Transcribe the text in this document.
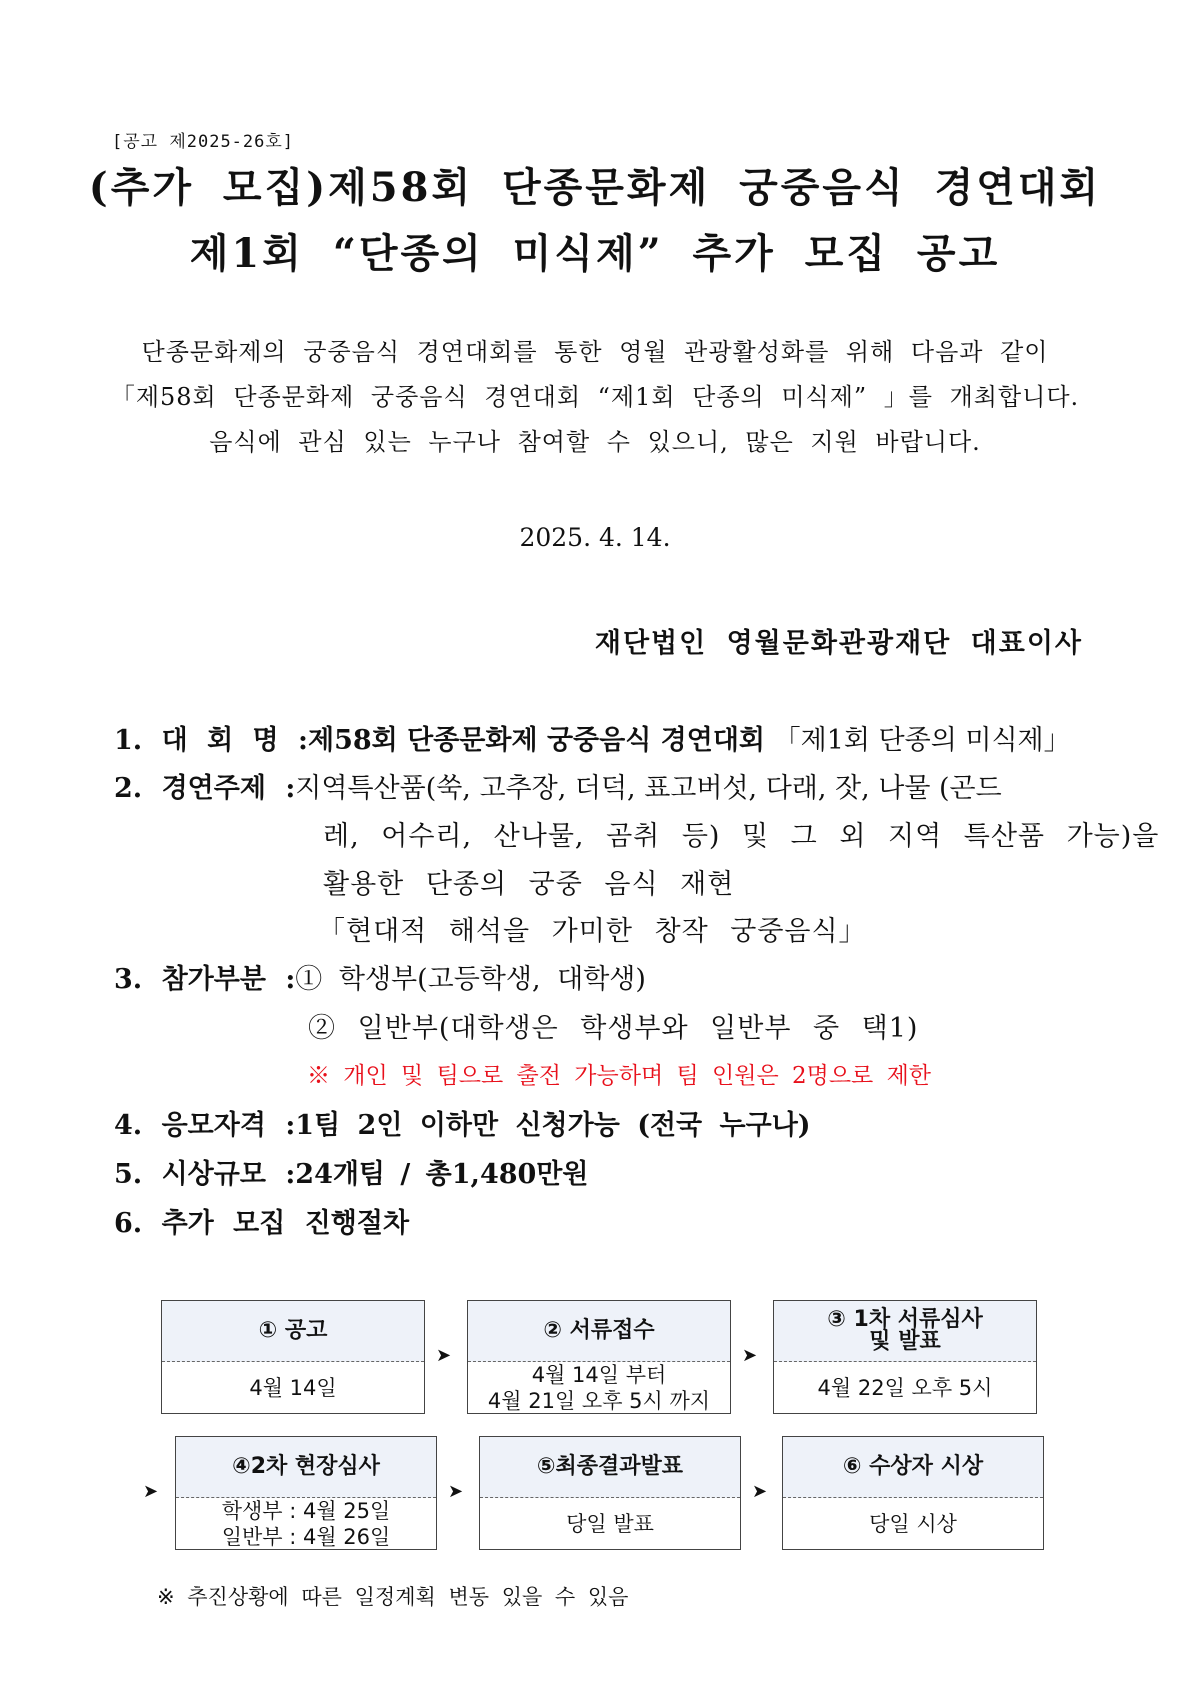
[공고 제2025-26호]
(추가 모집)제58회 단종문화제 궁중음식 경연대회
제1회 “단종의 미식제” 추가 모집 공고
단종문화제의 궁중음식 경연대회를 통한 영월 관광활성화를 위해 다음과 같이
「제58회 단종문화제 궁중음식 경연대회 “제1회 단종의 미식제” 」를 개최합니다.
음식에 관심 있는 누구나 참여할 수 있으니, 많은 지원 바랍니다.
2025. 4. 14.
재단법인 영월문화관광재단 대표이사
1. 대 회 명 :제58회 단종문화제 궁중음식 경연대회 「제1회 단종의 미식제」
2. 경연주제 :지역특산품(쑥, 고추장, 더덕, 표고버섯, 다래, 잣, 나물 (곤드
레, 어수리, 산나물, 곰취 등) 및 그 외 지역 특산품 가능)을
활용한 단종의 궁중 음식 재현
「현대적 해석을 가미한 창작 궁중음식」
3. 참가부분 :① 학생부(고등학생, 대학생)
② 일반부(대학생은 학생부와 일반부 중 택1)
※ 개인 및 팀으로 출전 가능하며 팀 인원은 2명으로 제한
4. 응모자격 :1팀 2인 이하만 신청가능 (전국 누구나)
5. 시상규모 :24개팀 / 총1,480만원
6. 추가 모집 진행절차
① 공고
4월 14일
➤
② 서류접수
4월 14일 부터
4월 21일 오후 5시 까지
➤
③ 1차 서류심사
및 발표
4월 22일 오후 5시
➤
④2차 현장심사
학생부 : 4월 25일
일반부 : 4월 26일
➤
⑤최종결과발표
당일 발표
➤
⑥ 수상자 시상
당일 시상
※ 추진상황에 따른 일정계획 변동 있을 수 있음
